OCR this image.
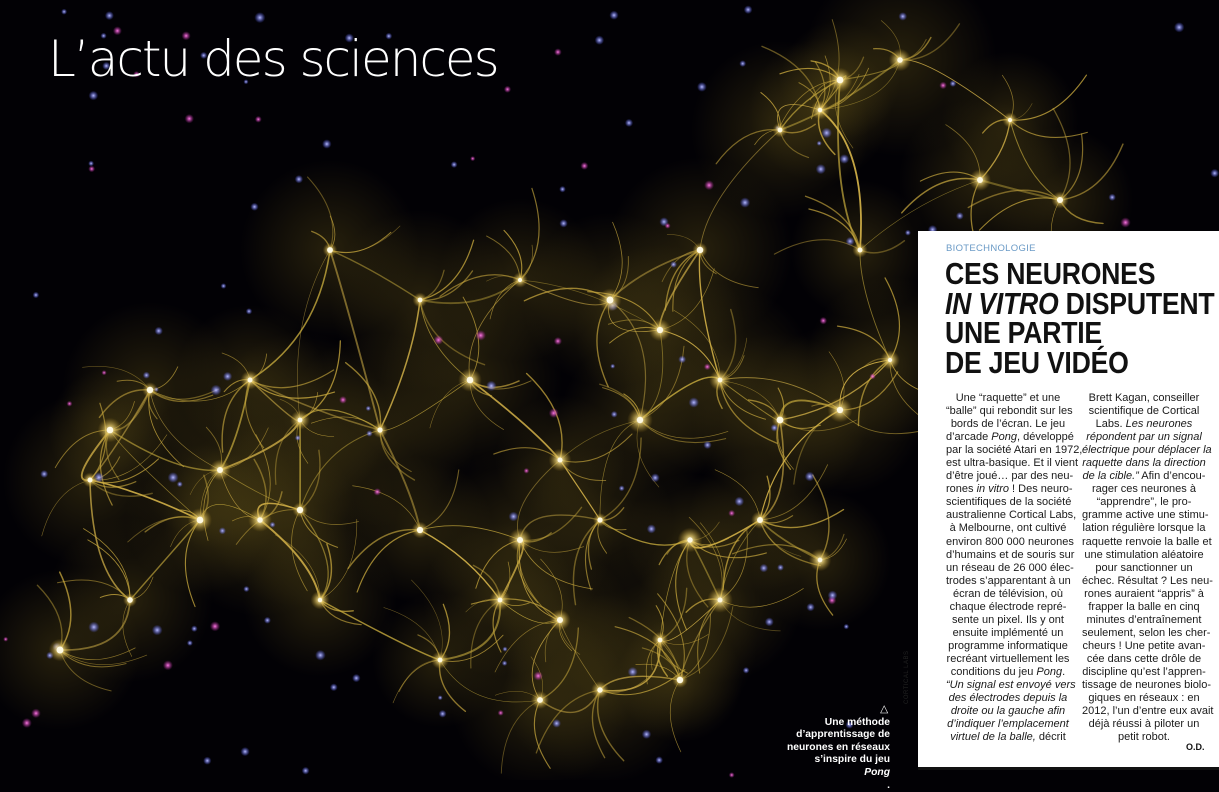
L’actu des sciences
△
Une méthode
d’apprentissage de
neurones en réseaux
s’inspire du jeu
Pong
.
CORTICAL LABS
BIOTECHNOLOGIE
CES NEURONES
IN VITRO DISPUTENT
UNE PARTIE
DE JEU VIDÉO
Une “raquette” et une
“balle” qui rebondit sur les
bords de l’écran. Le jeu
d’arcade Pong, développé
par la société Atari en 1972,
est ultra-basique. Et il vient
d’être joué… par des neu-
rones in vitro ! Des neuro-
scientifiques de la société
australienne Cortical Labs,
à Melbourne, ont cultivé
environ 800 000 neurones
d’humains et de souris sur
un réseau de 26 000 élec-
trodes s’apparentant à un
écran de télévision, où
chaque électrode repré-
sente un pixel. Ils y ont
ensuite implémenté un
programme informatique
recréant virtuellement les
conditions du jeu Pong.
“Un signal est envoyé vers
des électrodes depuis la
droite ou la gauche afin
d’indiquer l’emplacement
virtuel de la balle, décrit
Brett Kagan, conseiller
scientifique de Cortical
Labs. Les neurones
répondent par un signal
électrique pour déplacer la
raquette dans la direction
de la cible.” Afin d’encou-
rager ces neurones à
“apprendre”, le pro-
gramme active une stimu-
lation régulière lorsque la
raquette renvoie la balle et
une stimulation aléatoire
pour sanctionner un
échec. Résultat ? Les neu-
rones auraient “appris” à
frapper la balle en cinq
minutes d’entraînement
seulement, selon les cher-
cheurs ! Une petite avan-
cée dans cette drôle de
discipline qu’est l’appren-
tissage de neurones biolo-
giques en réseaux : en
2012, l’un d’entre eux avait
déjà réussi à piloter un
petit robot.
O.D.
